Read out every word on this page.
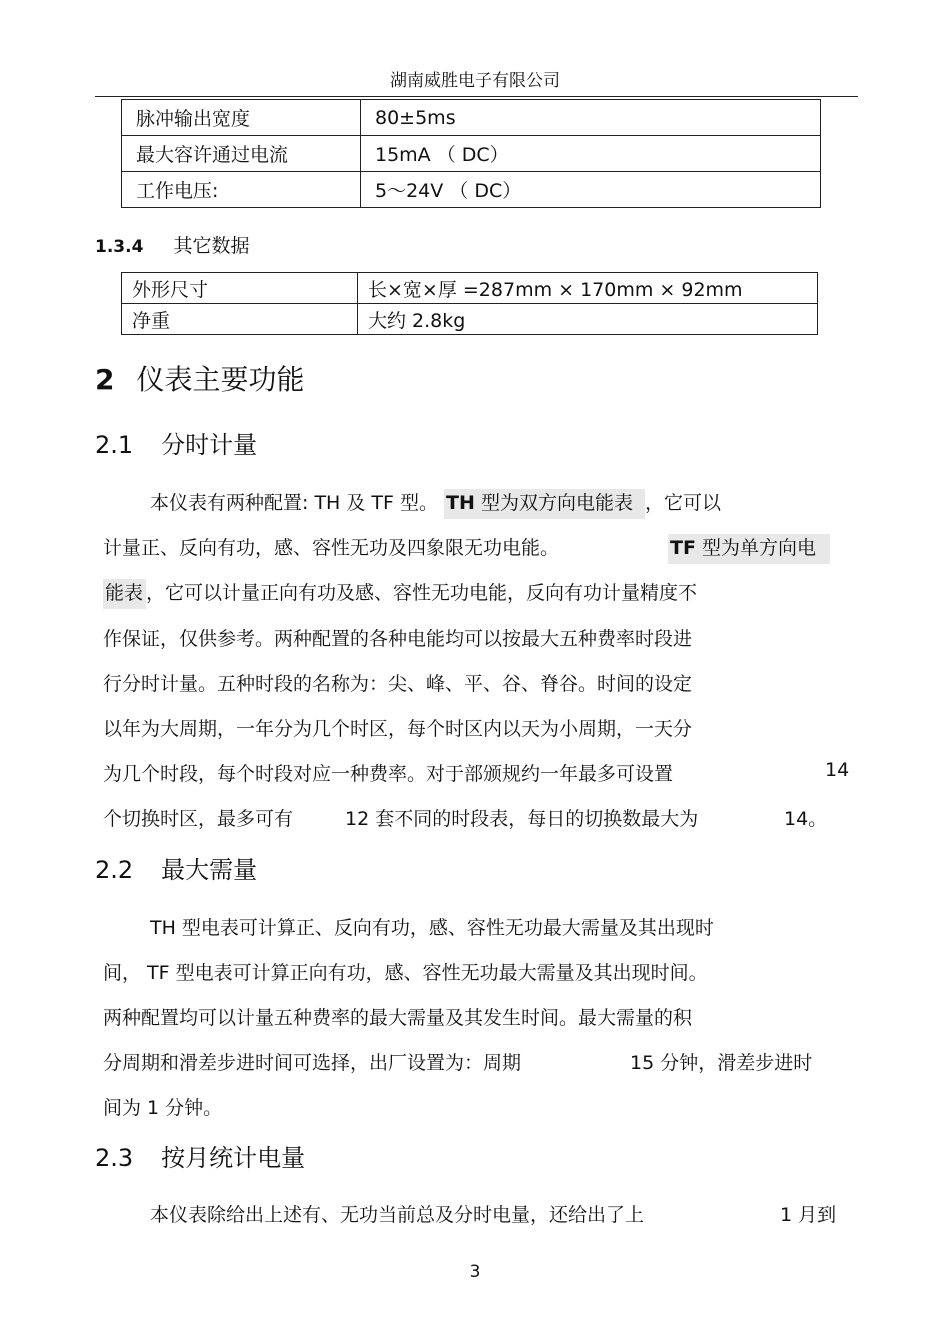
湖南威胜电子有限公司
脉冲输出宽度	80±5ms
最大容许通过电流	15mA （ DC）
工作电压:	5～24V （ DC）
1.3.4 其它数据
外形尺寸	长×宽×厚 =287mm × 170mm × 92mm
净重	大约 2.8kg
2 仪表主要功能
2.1 分时计量
本仪表有两种配置: TH 及 TF 型。 TH 型为双方向电能表 ，它可以
计量正、反向有功，感、容性无功及四象限无功电能。	TF 型为单方向电
能表 ，它可以计量正向有功及感、容性无功电能，反向有功计量精度不
作保证，仅供参考。两种配置的各种电能均可以按最大五种费率时段进
行分时计量。五种时段的名称为：尖、峰、平、谷、脊谷。时间的设定
以年为大周期，一年分为几个时区，每个时区内以天为小周期，一天分
为几个时段，每个时段对应一种费率。对于部颁规约一年最多可设置	14
个切换时区，最多可有	12 套不同的时段表，每日的切换数最大为	14。
2.2 最大需量
TH 型电表可计算正、反向有功，感、容性无功最大需量及其出现时
间， TF 型电表可计算正向有功，感、容性无功最大需量及其出现时间。
两种配置均可以计量五种费率的最大需量及其发生时间。最大需量的积
分周期和滑差步进时间可选择，出厂设置为：周期	15 分钟，滑差步进时
间为 1 分钟。
2.3 按月统计电量
本仪表除给出上述有、无功当前总及分时电量，还给出了上	1 月到
3
